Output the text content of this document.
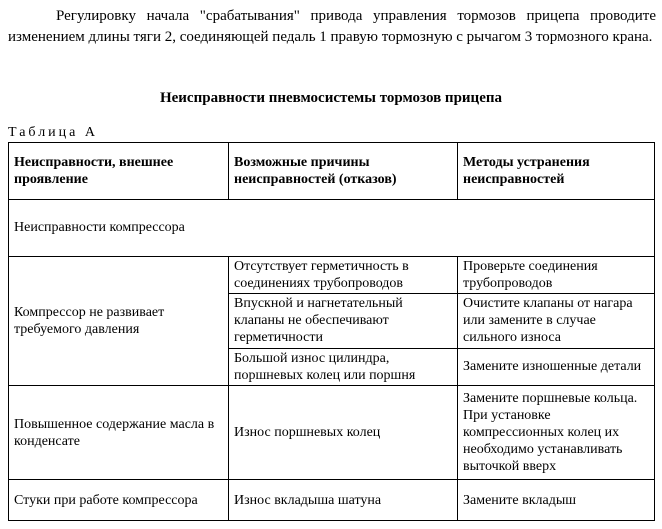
Регулировку начала "срабатывания" привода управления тормозов прицепа проводите изменением длины тяги 2, соединяющей педаль 1 правую тормозную с рычагом 3 тормозного крана.

Неисправности пневмосистемы тормозов прицепа

Таблица А

Неисправности, внешнее проявление	Возможные причины неисправностей (отказов)	Методы устранения неисправностей
Неисправности компрессора		
Компрессор не развивает требуемого давления	Отсутствует герметичность в соединениях трубопроводов	Проверьте соединения трубопроводов
	Впускной и нагнетательный клапаны не обеспечивают герметичности	Очистите клапаны от нагара или замените в случае сильного износа
	Большой износ цилиндра, поршневых колец или поршня	Замените изношенные детали
Повышенное содержание масла в конденсате	Износ поршневых колец	Замените поршневые кольца. При установке компрессионных колец их необходимо устанавливать выточкой вверх
Стуки при работе компрессора	Износ вкладыша шатуна	Замените вкладыш
